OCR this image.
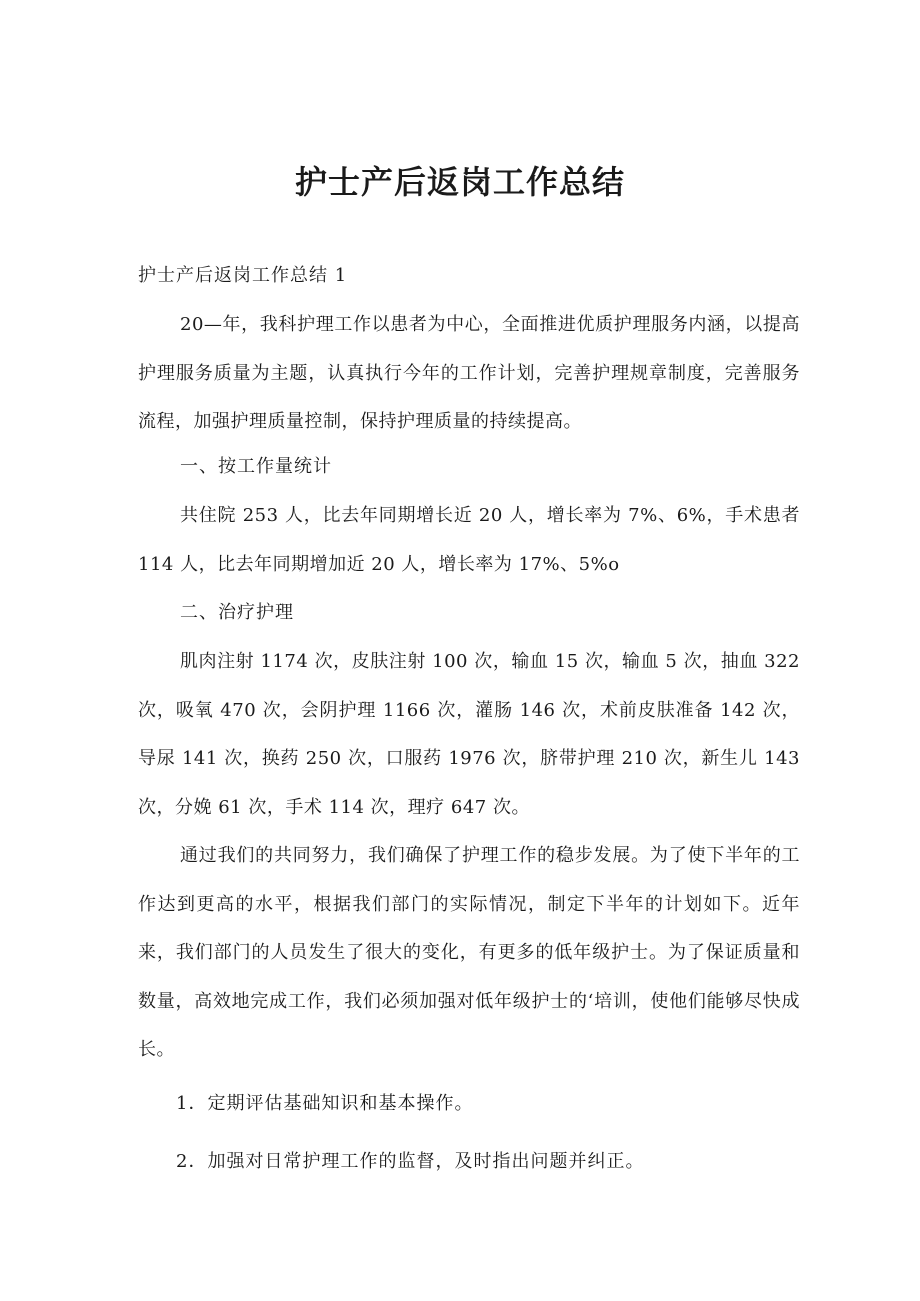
护士产后返岗工作总结
护士产后返岗工作总结 1

20—年，我科护理工作以患者为中心，全面推进优质护理服务内涵，以提高护理服务质量为主题，认真执行今年的工作计划，完善护理规章制度，完善服务流程，加强护理质量控制，保持护理质量的持续提高。

一、按工作量统计

共住院 253 人，比去年同期增长近 20 人，增长率为 7%、6%，手术患者 114 人，比去年同期增加近 20 人，增长率为 17%、5%o

二、治疗护理

肌肉注射 1174 次，皮肤注射 100 次，输血 15 次，输血 5 次，抽血 322 次，吸氧 470 次，会阴护理 1166 次，灌肠 146 次，术前皮肤准备 142 次，导尿 141 次，换药 250 次，口服药 1976 次，脐带护理 210 次，新生儿 143 次，分娩 61 次，手术 114 次，理疗 647 次。

通过我们的共同努力，我们确保了护理工作的稳步发展。为了使下半年的工作达到更高的水平，根据我们部门的实际情况，制定下半年的计划如下。近年来，我们部门的人员发生了很大的变化，有更多的低年级护士。为了保证质量和数量，高效地完成工作，我们必须加强对低年级护士的‘培训，使他们能够尽快成长。

1．定期评估基础知识和基本操作。
2．加强对日常护理工作的监督，及时指出问题并纠正。
